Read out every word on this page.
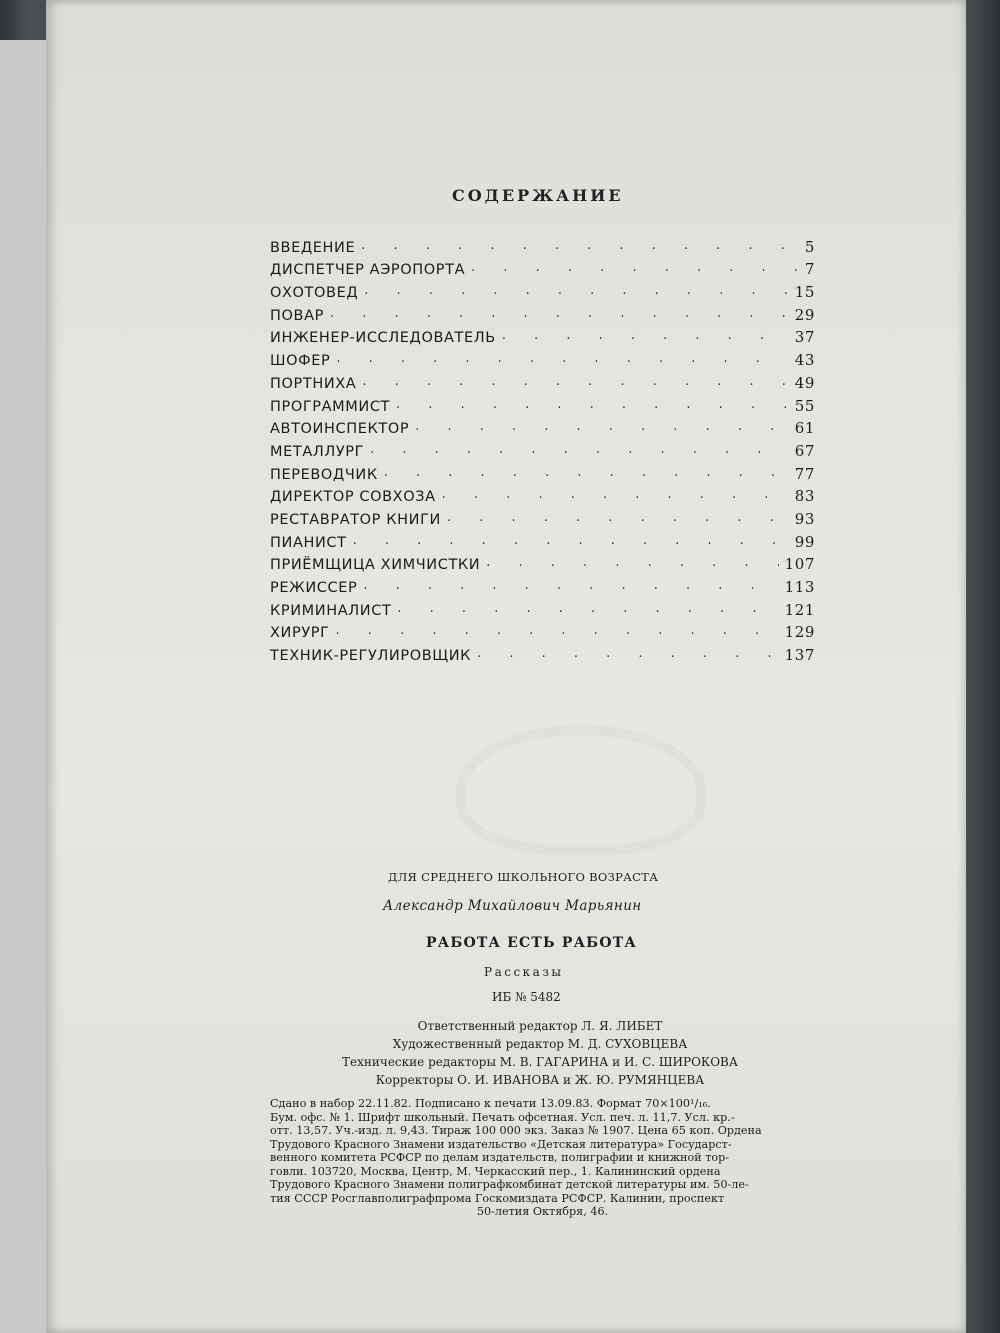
СОДЕРЖАНИЕ
ВВЕДЕНИЕ . . .	5
ДИСПЕТЧЕР АЭРОПОРТА . . .	7
ОХОТОВЕД . . .	15
ПОВАР . . .	29
ИНЖЕНЕР-ИССЛЕДОВАТЕЛЬ . . .	37
ШОФЕР . . .	43
ПОРТНИХА . . .	49
ПРОГРАММИСТ . . .	55
АВТОИНСПЕКТОР . . .	61
МЕТАЛЛУРГ . . .	67
ПЕРЕВОДЧИК . . .	77
ДИРЕКТОР СОВХОЗА . . .	83
РЕСТАВРАТОР КНИГИ . . .	93
ПИАНИСТ . . .	99
ПРИЁМЩИЦА ХИМЧИСТКИ . . .	107
РЕЖИССЕР . . .	113
КРИМИНАЛИСТ . . .	121
ХИРУРГ . . .	129
ТЕХНИК-РЕГУЛИРОВЩИК . . .	137
ДЛЯ СРЕДНЕГО ШКОЛЬНОГО ВОЗРАСТА
Александр Михайлович Марьянин
РАБОТА ЕСТЬ РАБОТА
Рассказы
ИБ № 5482
Ответственный редактор Л. Я. ЛИБЕТ
Художественный редактор М. Д. СУХОВЦЕВА
Технические редакторы М. В. ГАГАРИНА и И. С. ШИРОКОВА
Корректоры О. И. ИВАНОВА и Ж. Ю. РУМЯНЦЕВА
Сдано в набор 22.11.82. Подписано к печати 13.09.83. Формат 70×100¹/₁₆.
Бум. офс. № 1. Шрифт школьный. Печать офсетная. Усл. печ. л. 11,7. Усл. кр.-
отт. 13,57. Уч.-изд. л. 9,43. Тираж 100 000 экз. Заказ № 1907. Цена 65 коп. Ордена
Трудового Красного Знамени издательство «Детская литература» Государст-
венного комитета РСФСР по делам издательств, полиграфии и книжной тор-
говли. 103720, Москва, Центр, М. Черкасский пер., 1. Калининский ордена
Трудового Красного Знамени полиграфкомбинат детской литературы им. 50-ле-
тия СССР Росглавполиграфпрома Госкомиздата РСФСР. Калинин, проспект
50-летия Октября, 46.
